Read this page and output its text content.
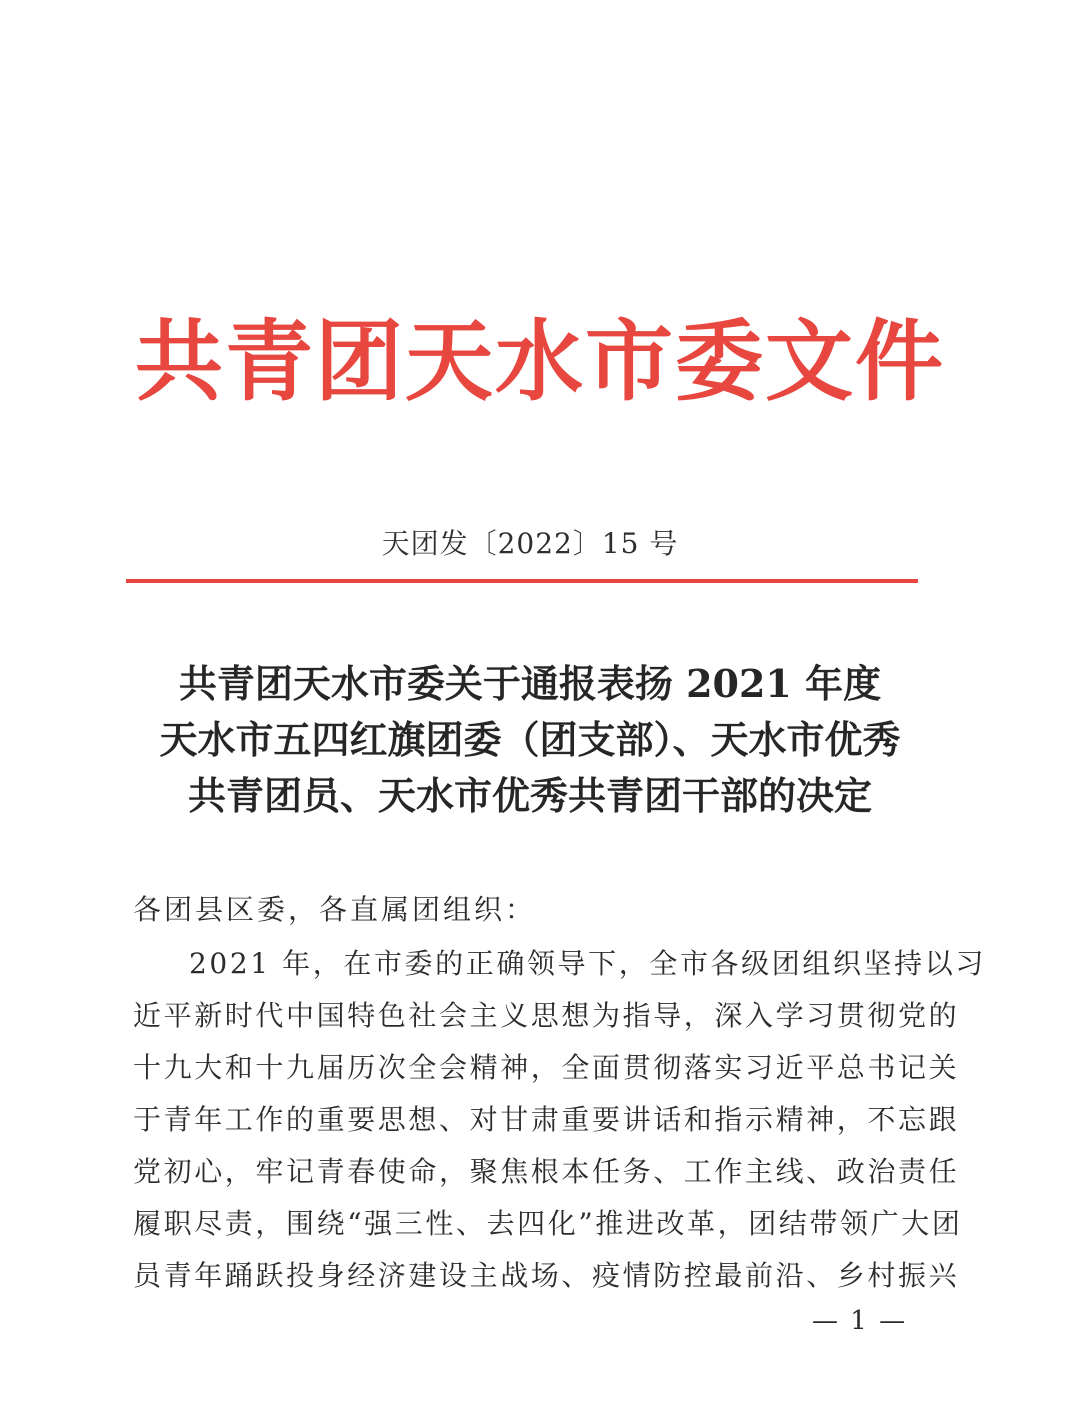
共青团天水市委文件
天团发〔2022〕15 号
共青团天水市委关于通报表扬 2021 年度
天水市五四红旗团委（团支部）、天水市优秀
共青团员、天水市优秀共青团干部的决定
各团县区委，各直属团组织：
2021 年，在市委的正确领导下，全市各级团组织坚持以习
近平新时代中国特色社会主义思想为指导，深入学习贯彻党的
十九大和十九届历次全会精神，全面贯彻落实习近平总书记关
于青年工作的重要思想、对甘肃重要讲话和指示精神，不忘跟
党初心，牢记青春使命，聚焦根本任务、工作主线、政治责任
履职尽责，围绕“强三性、去四化”推进改革，团结带领广大团
员青年踊跃投身经济建设主战场、疫情防控最前沿、乡村振兴
— 1 —
